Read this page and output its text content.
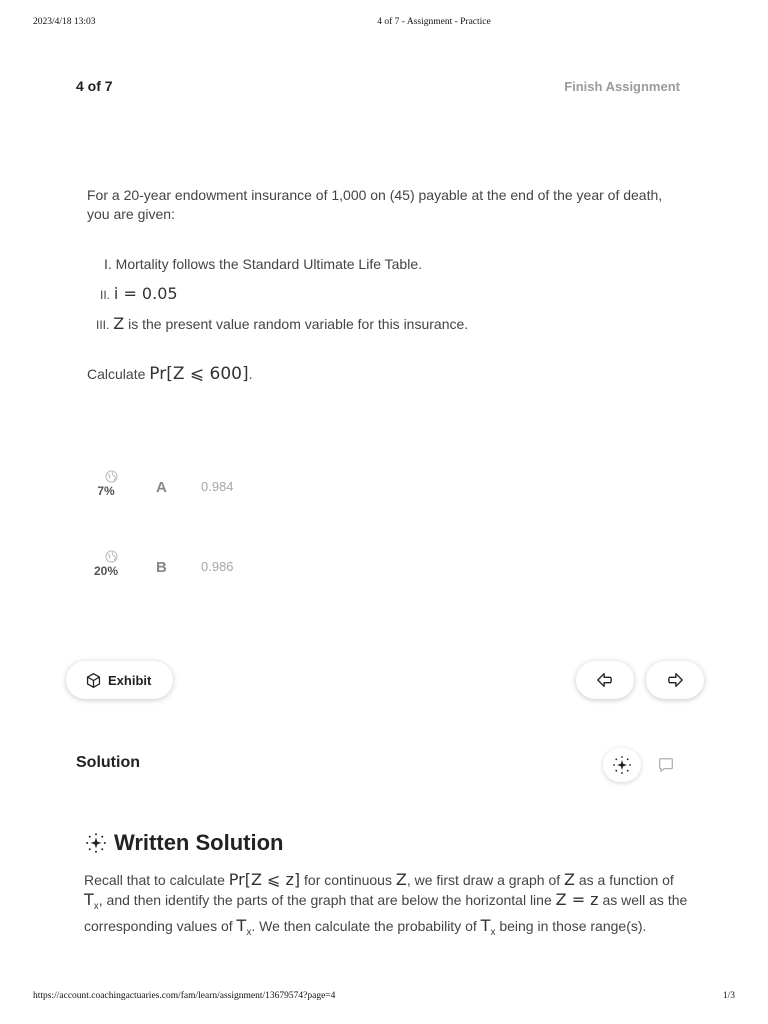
2023/4/18 13:03	4 of 7 - Assignment - Practice
4 of 7	Finish Assignment
For a 20-year endowment insurance of 1,000 on (45) payable at the end of the year of death, you are given:
I. Mortality follows the Standard Ultimate Life Table.
II. i = 0.05
III. Z is the present value random variable for this insurance.
Calculate Pr[Z ⩽ 600].
7%	A	0.984
20%	B	0.986
· ·
Exhibit
Solution
Written Solution
Recall that to calculate Pr[Z ⩽ z] for continuous Z, we first draw a graph of Z as a function of $T_x$, and then identify the parts of the graph that are below the horizontal line Z = z as well as the corresponding values of $T_x$. We then calculate the probability of $T_x$ being in those range(s).
https://account.coachingactuaries.com/fam/learn/assignment/13679574?page=4	1/3
